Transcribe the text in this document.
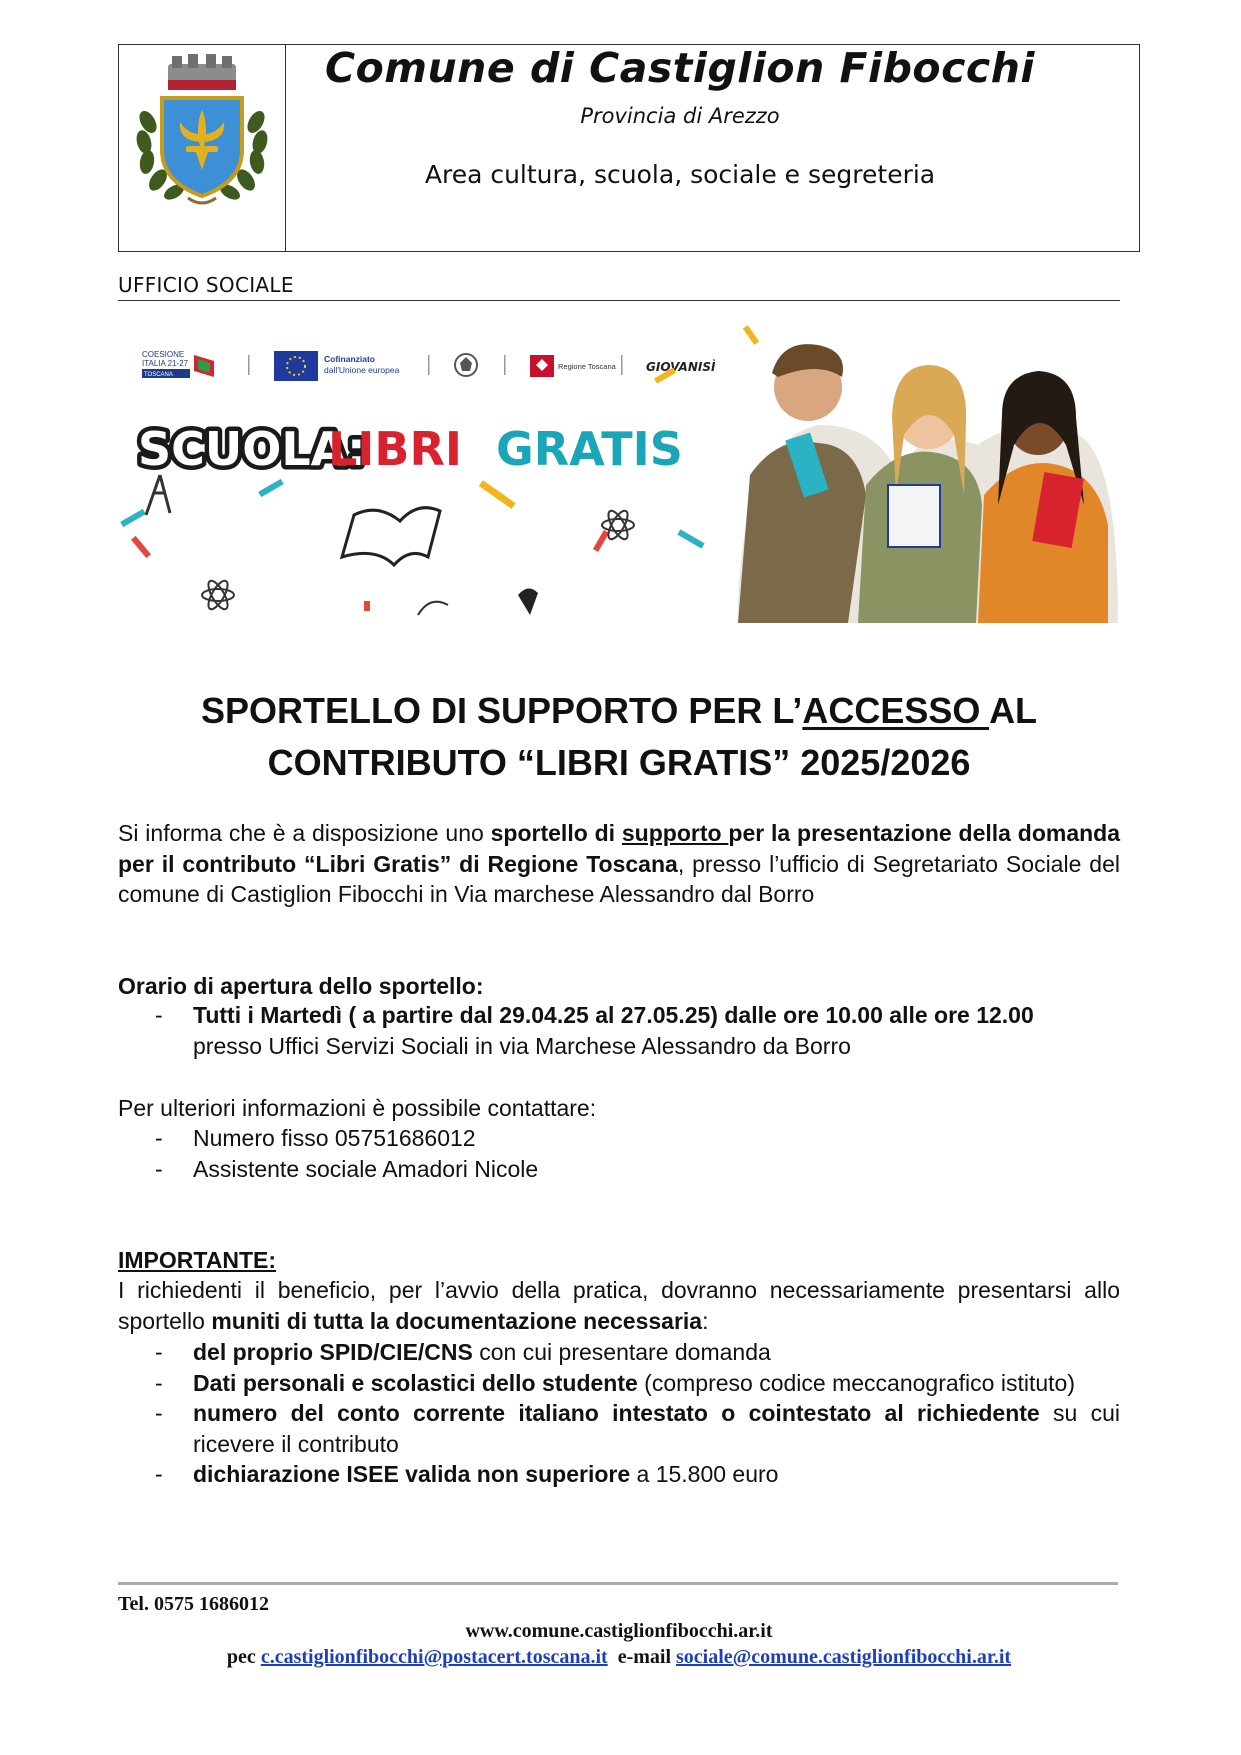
Comune di Castiglion Fibocchi
Provincia di Arezzo
Area cultura, scuola, sociale e segreteria
UFFICIO SOCIALE
COESIONE
ITALIA 21-27
TOSCANA
Cofinanziato
dall'Unione europea	Regione Toscana	GIOVANISÌ
SCUOLA:
LIBRI GRATIS
SPORTELLO DI SUPPORTO PER L’ACCESSO AL
CONTRIBUTO “LIBRI GRATIS” 2025/2026
Si informa che è a disposizione uno sportello di supporto per la presentazione della domanda per il contributo “Libri Gratis” di Regione Toscana, presso l’ufficio di Segretariato Sociale del comune di Castiglion Fibocchi in Via marchese Alessandro dal Borro
Orario di apertura dello sportello:
-	Tutti i Martedì ( a partire dal 29.04.25 al 27.05.25) dalle ore 10.00 alle ore 12.00
presso Uffici Servizi Sociali in via Marchese Alessandro da Borro
Per ulteriori informazioni è possibile contattare:
-	Numero fisso 05751686012
-	Assistente sociale Amadori Nicole
IMPORTANTE:
I richiedenti il beneficio, per l’avvio della pratica, dovranno necessariamente presentarsi allo sportello muniti di tutta la documentazione necessaria:
-	del proprio SPID/CIE/CNS con cui presentare domanda
-	Dati personali e scolastici dello studente (compreso codice meccanografico istituto)
-	numero del conto corrente italiano intestato o cointestato al richiedente su cui ricevere il contributo
-	dichiarazione ISEE valida non superiore a 15.800 euro
Tel. 0575 1686012
www.comune.castiglionfibocchi.ar.it
pec c.castiglionfibocchi@postacert.toscana.it  e-mail sociale@comune.castiglionfibocchi.ar.it
